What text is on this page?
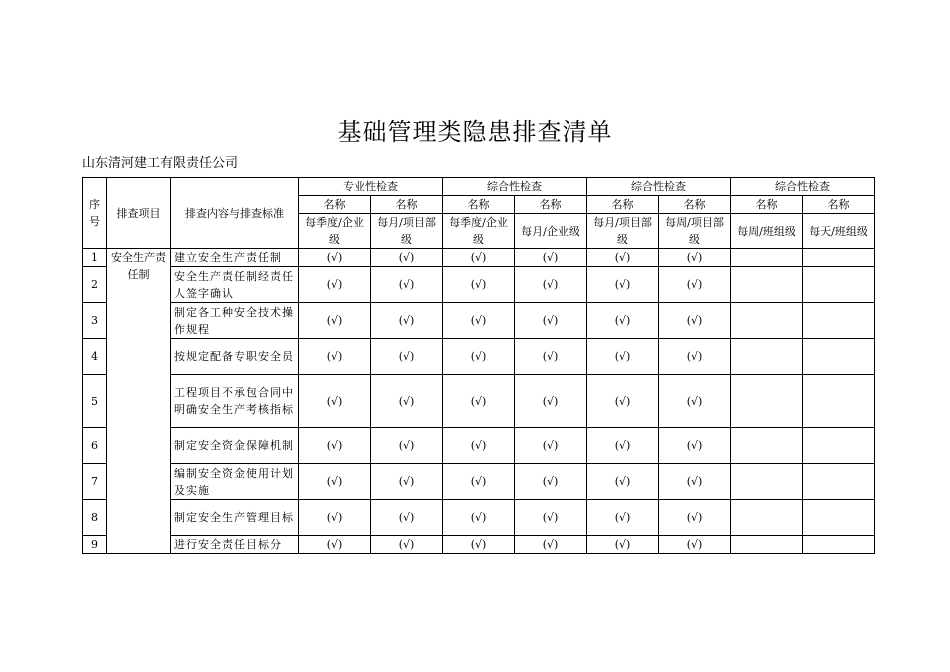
基础管理类隐患排查清单
山东清河建工有限责任公司
序号	排查项目	排查内容与排查标准	专业性检查		综合性检查		综合性检查		综合性检查	
			名称	名称	名称	名称	名称	名称	名称	名称
			每季度/企业级	每月/项目部级	每季度/企业级	每月/企业级	每月/项目部级	每周/项目部级	每周/班组级	每天/班组级
1	安全生产责任制	建立安全生产责任制	(√)	(√)	(√)	(√)	(√)	(√)		
2		安全生产责任制经责任人签字确认	(√)	(√)	(√)	(√)	(√)	(√)		
3		制定各工种安全技术操作规程	(√)	(√)	(√)	(√)	(√)	(√)		
4		按规定配备专职安全员	(√)	(√)	(√)	(√)	(√)	(√)		
5		工程项目不承包合同中明确安全生产考核指标	(√)	(√)	(√)	(√)	(√)	(√)		
6		制定安全资金保障机制	(√)	(√)	(√)	(√)	(√)	(√)		
7		编制安全资金使用计划及实施	(√)	(√)	(√)	(√)	(√)	(√)		
8		制定安全生产管理目标	(√)	(√)	(√)	(√)	(√)	(√)		
9		进行安全责任目标分	(√)	(√)	(√)	(√)	(√)	(√)		
